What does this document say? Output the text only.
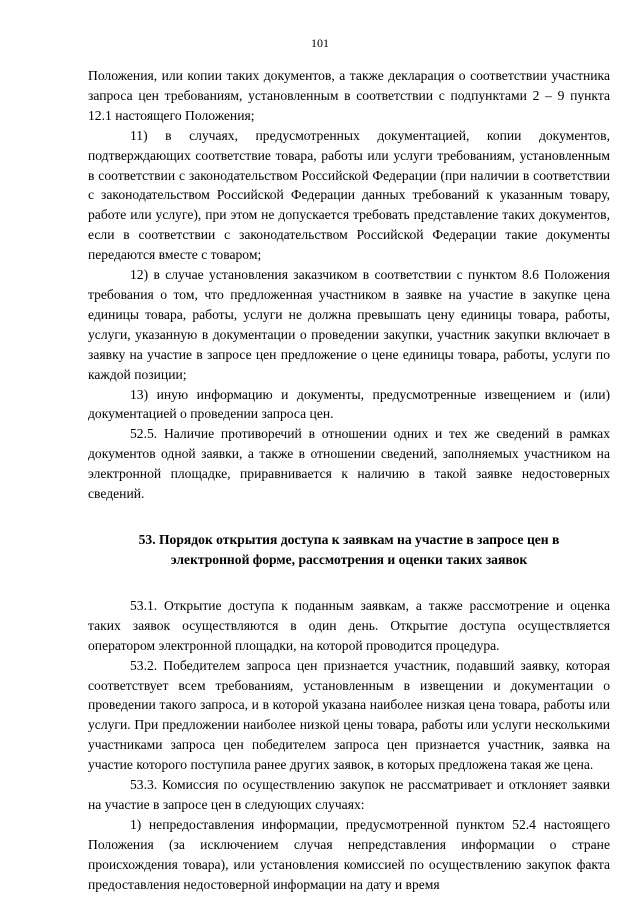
101

Положения, или копии таких документов, а также декларация о соответствии участника запроса цен требованиям, установленным в соответствии с подпунктами 2 – 9 пункта 12.1 настоящего Положения;

11) в случаях, предусмотренных документацией, копии документов, подтверждающих соответствие товара, работы или услуги требованиям, установленным в соответствии с законодательством Российской Федерации (при наличии в соответствии с законодательством Российской Федерации данных требований к указанным товару, работе или услуге), при этом не допускается требовать представление таких документов, если в соответствии с законодательством Российской Федерации такие документы передаются вместе с товаром;

12) в случае установления заказчиком в соответствии с пунктом 8.6 Положения требования о том, что предложенная участником в заявке на участие в закупке цена единицы товара, работы, услуги не должна превышать цену единицы товара, работы, услуги, указанную в документации о проведении закупки, участник закупки включает в заявку на участие в запросе цен предложение о цене единицы товара, работы, услуги по каждой позиции;

13) иную информацию и документы, предусмотренные извещением и (или) документацией о проведении запроса цен.

52.5. Наличие противоречий в отношении одних и тех же сведений в рамках документов одной заявки, а также в отношении сведений, заполняемых участником на электронной площадке, приравнивается к наличию в такой заявке недостоверных сведений.

53. Порядок открытия доступа к заявкам на участие в запросе цен в электронной форме, рассмотрения и оценки таких заявок

53.1. Открытие доступа к поданным заявкам, а также рассмотрение и оценка таких заявок осуществляются в один день. Открытие доступа осуществляется оператором электронной площадки, на которой проводится процедура.

53.2. Победителем запроса цен признается участник, подавший заявку, которая соответствует всем требованиям, установленным в извещении и документации о проведении такого запроса, и в которой указана наиболее низкая цена товара, работы или услуги. При предложении наиболее низкой цены товара, работы или услуги несколькими участниками запроса цен победителем запроса цен признается участник, заявка на участие которого поступила ранее других заявок, в которых предложена такая же цена.

53.3. Комиссия по осуществлению закупок не рассматривает и отклоняет заявки на участие в запросе цен в следующих случаях:

1) непредоставления информации, предусмотренной пунктом 52.4 настоящего Положения (за исключением случая непредставления информации о стране происхождения товара), или установления комиссией по осуществлению закупок факта предоставления недостоверной информации на дату и время
